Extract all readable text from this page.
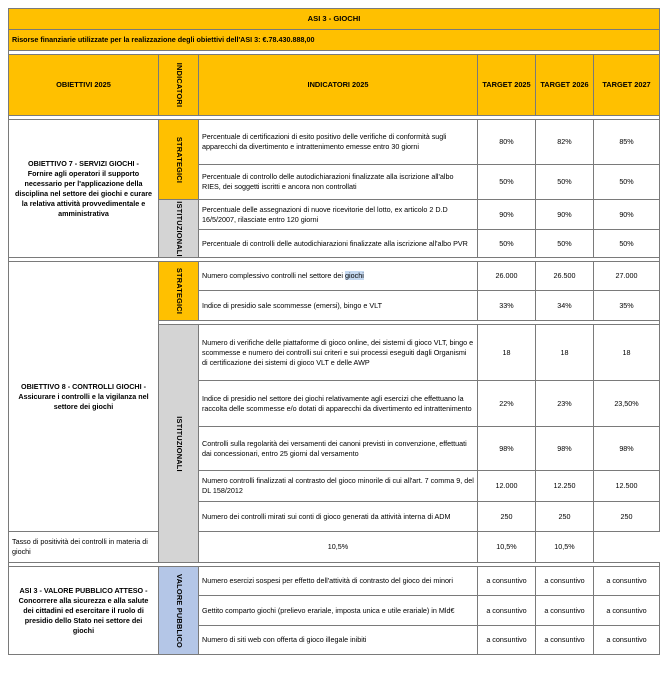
ASI 3 - GIOCHI					
Risorse finanziarie utilizzate per la realizzazione degli obiettivi dell'ASI 3: €.78.430.888,00					

OBIETTIVI 2025	INDICATORI	INDICATORI 2025	TARGET 2025	TARGET 2026	TARGET 2027

OBIETTIVO 7 - SERVIZI GIOCHI - Fornire agli operatori il supporto necessario per l'applicazione della disciplina nel settore dei giochi e curare la relativa attività provvedimentale e amministrativa	STRATEGICI	Percentuale di certificazioni di esito positivo delle verifiche di conformità sugli apparecchi da divertimento e intrattenimento emesse entro 30 giorni	80%	82%	85%
		Percentuale di controllo delle autodichiarazioni finalizzate alla iscrizione all'albo RIES, dei soggetti iscritti e ancora non controllati	50%	50%	50%

	ISTITUZIONALI	Percentuale delle assegnazioni di nuove ricevitorie del lotto, ex articolo 2 D.D 16/5/2007, rilasciate entro 120 giorni	90%	90%	90%
		Percentuale di controlli delle autodichiarazioni finalizzate alla iscrizione all'albo PVR	50%	50%	50%

OBIETTIVO 8 - CONTROLLI GIOCHI - Assicurare i controlli e la vigilanza nel settore dei giochi	STRATEGICI	Numero complessivo controlli nel settore dei giochi	26.000	26.500	27.000
		Indice di presidio sale scommesse (emersi), bingo e VLT	33%	34%	35%

	ISTITUZIONALI	Numero di verifiche delle piattaforme di gioco online, dei sistemi di gioco VLT, bingo e scommesse e numero dei controlli sui criteri e sui processi eseguiti dagli Organismi di certificazione dei sistemi di gioco VLT e delle AWP	18	18	18
		Indice di presidio nel settore dei giochi relativamente agli esercizi che effettuano la raccolta delle scommesse e/o dotati di apparecchi da divertimento ed intrattenimento	22%	23%	23,50%
		Controlli sulla regolarità dei versamenti dei canoni previsti in convenzione, effettuati dai concessionari, entro 25 giorni dal versamento	98%	98%	98%
		Numero controlli finalizzati al contrasto del gioco minorile di cui all'art. 7 comma 9, del DL 158/2012	12.000	12.250	12.500
		Numero dei controlli mirati sui conti di gioco generati da attività interna di ADM	250	250	250
Tasso di positività dei controlli in materia di giochi		10,5%	10,5%	10,5%	

ASI 3 - VALORE PUBBLICO ATTESO - Concorrere alla sicurezza e alla salute dei cittadini ed esercitare il ruolo di presidio dello Stato nei settore dei giochi	VALORE PUBBLICO	Numero esercizi sospesi per effetto dell'attività di contrasto del gioco dei minori	a consuntivo	a consuntivo	a consuntivo
		Gettito comparto giochi (prelievo erariale, imposta unica e utile erariale) in Mld€	a consuntivo	a consuntivo	a consuntivo
		Numero di siti web con offerta di gioco illegale inibiti	a consuntivo	a consuntivo	a consuntivo
